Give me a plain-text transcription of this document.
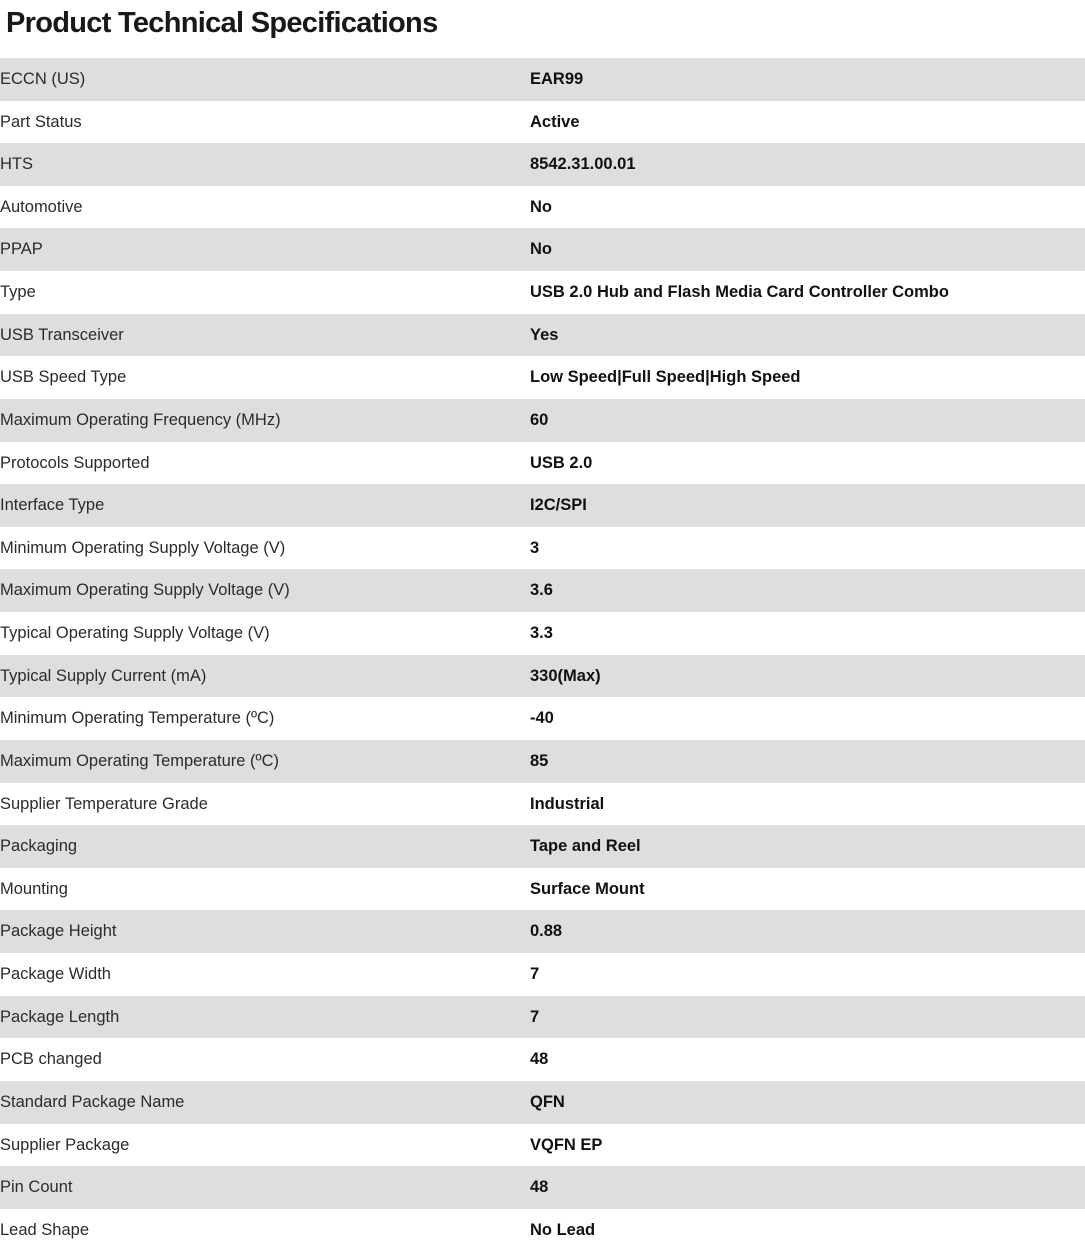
Product Technical Specifications
ECCN (US)	EAR99
Part Status	Active
HTS	8542.31.00.01
Automotive	No
PPAP	No
Type	USB 2.0 Hub and Flash Media Card Controller Combo
USB Transceiver	Yes
USB Speed Type	Low Speed|Full Speed|High Speed
Maximum Operating Frequency (MHz)	60
Protocols Supported	USB 2.0
Interface Type	I2C/SPI
Minimum Operating Supply Voltage (V)	3
Maximum Operating Supply Voltage (V)	3.6
Typical Operating Supply Voltage (V)	3.3
Typical Supply Current (mA)	330(Max)
Minimum Operating Temperature (ºC)	-40
Maximum Operating Temperature (ºC)	85
Supplier Temperature Grade	Industrial
Packaging	Tape and Reel
Mounting	Surface Mount
Package Height	0.88
Package Width	7
Package Length	7
PCB changed	48
Standard Package Name	QFN
Supplier Package	VQFN EP
Pin Count	48
Lead Shape	No Lead
